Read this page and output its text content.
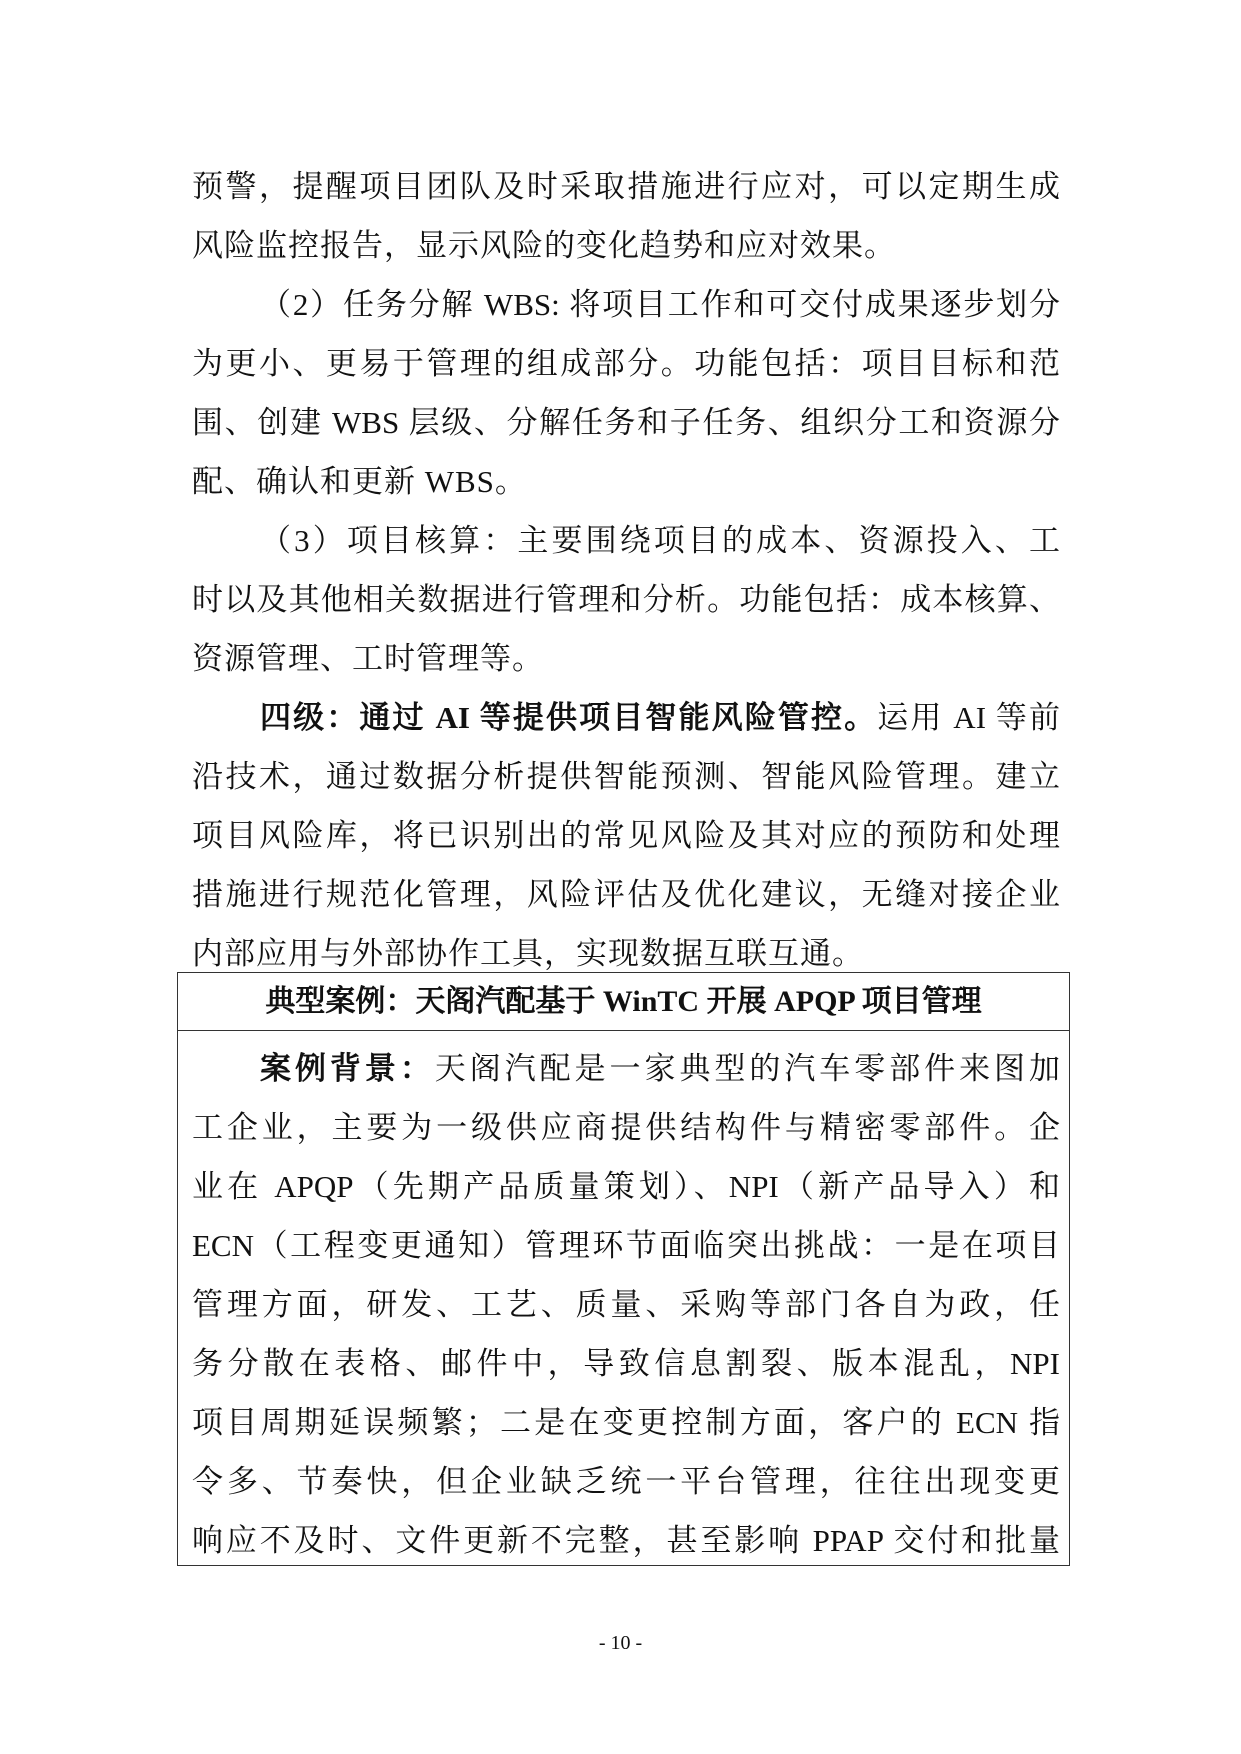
预警，提醒项目团队及时采取措施进行应对，可以定期生成
风险监控报告，显示风险的变化趋势和应对效果。
（2）任务分解 WBS: 将项目工作和可交付成果逐步划分
为更小、更易于管理的组成部分。功能包括：项目目标和范
围、创建 WBS 层级、分解任务和子任务、组织分工和资源分
配、确认和更新 WBS。
（3）项目核算：主要围绕项目的成本、资源投入、工
时以及其他相关数据进行管理和分析。功能包括：成本核算、
资源管理、工时管理等。
四级：通过 AI 等提供项目智能风险管控。运用 AI 等前
沿技术，通过数据分析提供智能预测、智能风险管理。建立
项目风险库，将已识别出的常见风险及其对应的预防和处理
措施进行规范化管理，风险评估及优化建议，无缝对接企业
内部应用与外部协作工具，实现数据互联互通。
典型案例：天阁汽配基于 WinTC 开展 APQP 项目管理
案例背景：天阁汽配是一家典型的汽车零部件来图加
工企业，主要为一级供应商提供结构件与精密零部件。企
业在 APQP（先期产品质量策划）、NPI（新产品导入）和
ECN（工程变更通知）管理环节面临突出挑战：一是在项目
管理方面，研发、工艺、质量、采购等部门各自为政，任
务分散在表格、邮件中，导致信息割裂、版本混乱，NPI
项目周期延误频繁；二是在变更控制方面，客户的 ECN 指
令多、节奏快，但企业缺乏统一平台管理，往往出现变更
响应不及时、文件更新不完整，甚至影响 PPAP 交付和批量
- 10 -
